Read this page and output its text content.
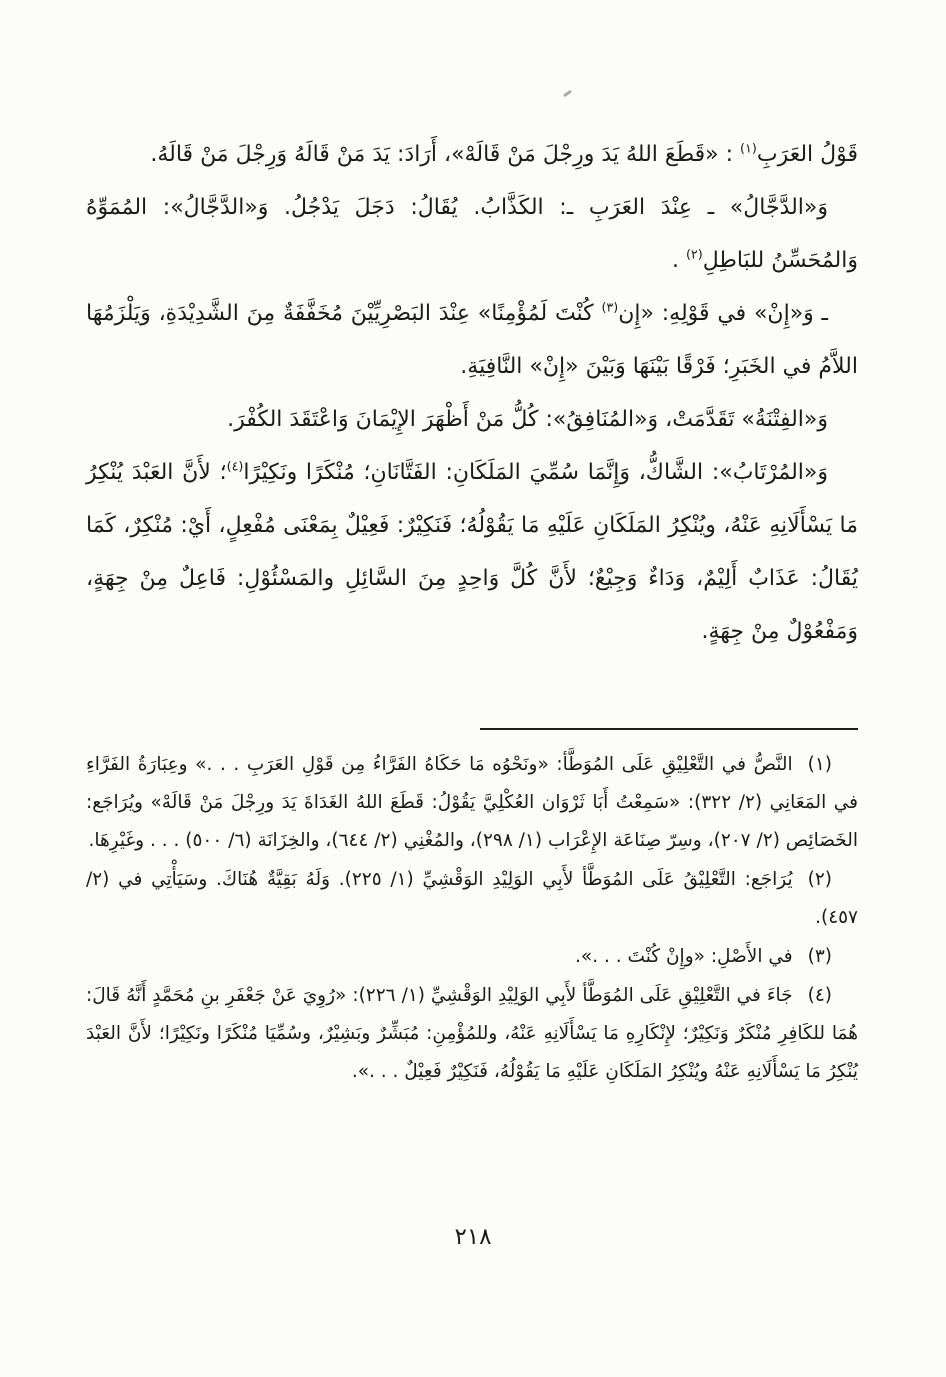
قَوْلُ العَرَبِ$^{(١)}$ : «قَطَعَ اللهُ يَدَ ورِجْلَ مَنْ قَالَهْ»، أَرَادَ: يَدَ مَنْ قَالَهُ وَرِجْلَ مَنْ قَالَهُ.

وَ«الدَّجَّالُ» ـ عِنْدَ العَرَبِ ـ: الكَذَّابُ. يُقَالُ: دَجَلَ يَدْجُلُ. وَ«الدَّجَّالُ»: المُمَوِّهُ وَالمُحَسِّنُ للبَاطِلِ$^{(٢)}$ .

ـ وَ«إِنْ» في قَوْلِهِ: «إِن$^{(٣)}$ كُنْتَ لَمُؤْمِنًا» عِنْدَ البَصْرِيِّيْنَ مُخَفَّفَةٌ مِنَ الشَّدِيْدَةِ، وَيَلْزَمُهَا اللاَّمُ في الخَبَرِ؛ فَرْقًا بَيْنَهَا وَبَيْنَ «إِنْ» النَّافِيَةِ.

وَ«الفِتْنَةُ» تَقَدَّمَتْ، وَ«المُنَافِقُ»: كُلُّ مَنْ أَظْهَرَ الإِيْمَانَ وَاعْتَقَدَ الكُفْرَ.

وَ«المُرْتَابُ»: الشَّاكُّ، وَإِنَّمَا سُمِّيَ المَلَكَانِ: الفَتَّانَانِ؛ مُنْكَرًا ونَكِيْرًا$^{(٤)}$؛ لأَنَّ العَبْدَ يُنْكِرُ مَا يَسْأَلَانِهِ عَنْهُ، ويُنْكِرُ المَلَكَانِ عَلَيْهِ مَا يَقُوْلُهُ؛ فَنَكِيْرٌ: فَعِيْلٌ بِمَعْنَى مُفْعِلٍ، أَيْ: مُنْكِرٌ، كَمَا يُقَالُ: عَذَابٌ أَلِيْمٌ، وَدَاءٌ وَجِيْعٌ؛ لأَنَّ كُلَّ وَاحِدٍ مِنَ السَّائِلِ والمَسْئُوْلِ: فَاعِلٌ مِنْ جِهَةٍ، وَمَفْعُوْلٌ مِنْ جِهَةٍ.

(١)النَّصُّ في التَّعْلِيْقِ عَلَى المُوَطَّأ: «ونَحْوُه مَا حَكَاهُ الفَرَّاءُ مِن قَوْلِ العَرَبِ . . .» وعِبَارَةُ الفَرَّاءِ في المَعَانِي (٢/ ٣٢٢): «سَمِعْتُ أَبَا ثَرْوَان العُكْلِيَّ يَقُوْلُ: قَطَعَ اللهُ الغَدَاةَ يَدَ ورِجْلَ مَنْ قَالَهْ» ويُرَاجَع: الخَصَائِص (٢/ ٢٠٧)، وسِرّ صِنَاعَة الإِعْرَاب (١/ ٢٩٨)، والمُغْنِي (٢/ ٦٤٤)، والخِزَانَة (٦/ ٥٠٠) . . . وغَيْرِهَا.
(٢)يُرَاجَع: التَّعْلِيْقُ عَلَى المُوَطَّأ لأَبِي الوَلِيْدِ الوَقْشِيِّ (١/ ٢٢٥). وَلَهُ بَقِيَّةٌ هُنَاكَ. وسَيَأْتِي في (٢/ ٤٥٧).
(٣)في الأَصْلِ: «وإِنْ كُنْتَ . . .».
(٤)جَاءَ في التَّعْلِيْقِ عَلَى المُوَطَّأ لأَبِي الوَلِيْدِ الوَقْشِيِّ (١/ ٢٢٦): «رُوِيَ عَنْ جَعْفَرِ بنِ مُحَمَّدٍ أَنَّهُ قَالَ: هُمَا للكَافِرِ مُنْكَرٌ وَنَكِيْرٌ؛ لإِنْكَارِهِ مَا يَسْأَلَانِهِ عَنْهُ، وللمُؤْمِنِ: مُبَشِّرٌ وبَشِيْرٌ، وسُمِّيَا مُنْكَرًا ونَكِيْرًا؛ لأَنَّ العَبْدَ يُنْكِرُ مَا يَسْأَلَانِهِ عَنْهُ ويُنْكِرُ المَلَكَانِ عَلَيْهِ مَا يَقُوْلُهُ، فَنَكِيْرٌ فَعِيْلٌ . . .».
٢١٨
